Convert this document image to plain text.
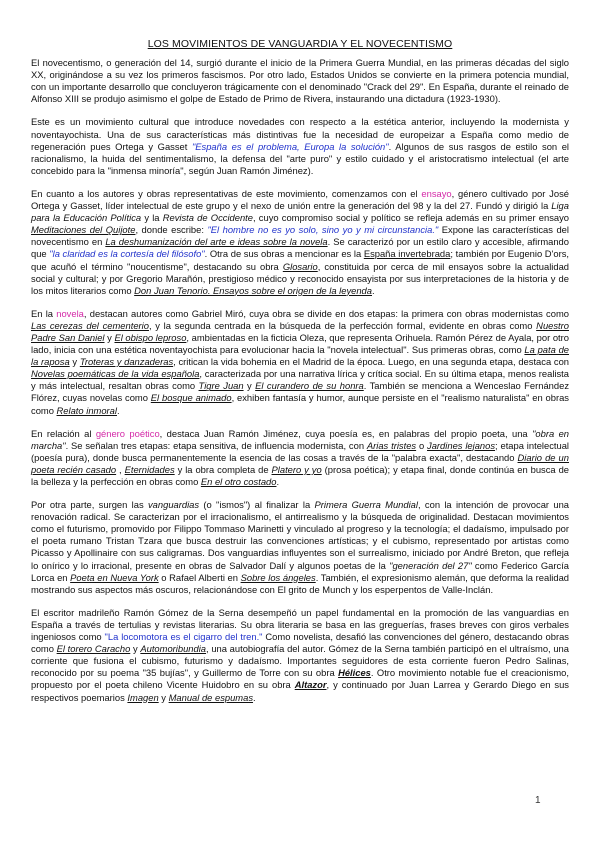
LOS MOVIMIENTOS DE VANGUARDIA Y EL NOVECENTISMO

El novecentismo, o generación del 14, surgió durante el inicio de la Primera Guerra Mundial, en las primeras décadas del siglo XX, originándose a su vez los primeros fascismos. Por otro lado, Estados Unidos se convierte en la primera potencia mundial, con un importante desarrollo que concluyeron trágicamente con el denominado "Crack del 29". En España, durante el reinado de Alfonso XIII se produjo asimismo el golpe de Estado de Primo de Rivera, instaurando una dictadura (1923-1930).

Este es un movimiento cultural que introduce novedades con respecto a la estética anterior, incluyendo la modernista y noventayochista. Una de sus características más distintivas fue la necesidad de europeizar a España como medio de regeneración pues Ortega y Gasset "España es el problema, Europa la solución". Algunos de sus rasgos de estilo son el racionalismo, la huida del sentimentalismo, la defensa del "arte puro" y estilo cuidado y el aristocratismo intelectual (el arte concebido para la "inmensa minoría", según Juan Ramón Jiménez).

En cuanto a los autores y obras representativas de este movimiento, comenzamos con el ensayo, género cultivado por José Ortega y Gasset, líder intelectual de este grupo y el nexo de unión entre la generación del 98 y la del 27. Fundó y dirigió la Liga para la Educación Política y la Revista de Occidente, cuyo compromiso social y político se refleja además en su primer ensayo Meditaciones del Quijote, donde escribe: "El hombre no es yo solo, sino yo y mi circunstancia." Expone las características del novecentismo en La deshumanización del arte e ideas sobre la novela. Se caracterizó por un estilo claro y accesible, afirmando que "la claridad es la cortesía del filósofo". Otra de sus obras a mencionar es la España invertebrada; también por Eugenio D'ors, que acuñó el término "noucentisme", destacando su obra Glosario, constituida por cerca de mil ensayos sobre la actualidad social y cultural; y por Gregorio Marañón, prestigioso médico y reconocido ensayista por sus interpretaciones de la historia y de los mitos literarios como Don Juan Tenorio. Ensayos sobre el origen de la leyenda.

En la novela, destacan autores como Gabriel Miró, cuya obra se divide en dos etapas: la primera con obras modernistas como Las cerezas del cementerio, y la segunda centrada en la búsqueda de la perfección formal, evidente en obras como Nuestro Padre San Daniel y El obispo leproso, ambientadas en la ficticia Oleza, que representa Orihuela. Ramón Pérez de Ayala, por otro lado, inicia con una estética noventayochista para evolucionar hacia la "novela intelectual". Sus primeras obras, como La pata de la raposa y Troteras y danzaderas, critican la vida bohemia en el Madrid de la época. Luego, en una segunda etapa, destaca con Novelas poemáticas de la vida española, caracterizada por una narrativa lírica y crítica social. En su última etapa, menos realista y más intelectual, resaltan obras como Tigre Juan y El curandero de su honra. También se menciona a Wenceslao Fernández Flórez, cuyas novelas como El bosque animado, exhiben fantasía y humor, aunque persiste en el "realismo naturalista" en obras como Relato inmoral.

En relación al género poético, destaca Juan Ramón Jiménez, cuya poesía es, en palabras del propio poeta, una "obra en marcha". Se señalan tres etapas: etapa sensitiva, de influencia modernista, con Arias tristes o Jardines lejanos; etapa intelectual (poesía pura), donde busca permanentemente la esencia de las cosas a través de la "palabra exacta", destacando Diario de un poeta recién casado , Eternidades y la obra completa de Platero y yo (prosa poética); y etapa final, donde continúa en busca de la belleza y la perfección en obras como En el otro costado.

Por otra parte, surgen las vanguardias (o "ismos") al finalizar la Primera Guerra Mundial, con la intención de provocar una renovación radical. Se caracterizan por el irracionalismo, el antirrealismo y la búsqueda de originalidad. Destacan movimientos como el futurismo, promovido por Filippo Tommaso Marinetti y vinculado al progreso y la tecnología; el dadaísmo, impulsado por el poeta rumano Tristan Tzara que busca destruir las convenciones artísticas; y el cubismo, representado por artistas como Picasso y Apollinaire con sus caligramas. Dos vanguardias influyentes son el surrealismo, iniciado por André Breton, que refleja lo onírico y lo irracional, presente en obras de Salvador Dalí y algunos poetas de la "generación del 27" como Federico García Lorca en Poeta en Nueva York o Rafael Alberti en Sobre los ángeles. También, el expresionismo alemán, que deforma la realidad mostrando sus aspectos más oscuros, relacionándose con El grito de Munch y los esperpentos de Valle-Inclán.

El escritor madrileño Ramón Gómez de la Serna desempeñó un papel fundamental en la promoción de las vanguardias en España a través de tertulias y revistas literarias. Su obra literaria se basa en las greguerías, frases breves con giros verbales ingeniosos como "La locomotora es el cigarro del tren." Como novelista, desafió las convenciones del género, destacando obras como El torero Caracho y Automoribundia, una autobiografía del autor. Gómez de la Serna también participó en el ultraísmo, una corriente que fusiona el cubismo, futurismo y dadaísmo. Importantes seguidores de esta corriente fueron Pedro Salinas, reconocido por su poema "35 bujías", y Guillermo de Torre con su obra Hélices. Otro movimiento notable fue el creacionismo, propuesto por el poeta chileno Vicente Huidobro en su obra Altazor, y continuado por Juan Larrea y Gerardo Diego en sus respectivos poemarios Imagen y Manual de espumas.

1
